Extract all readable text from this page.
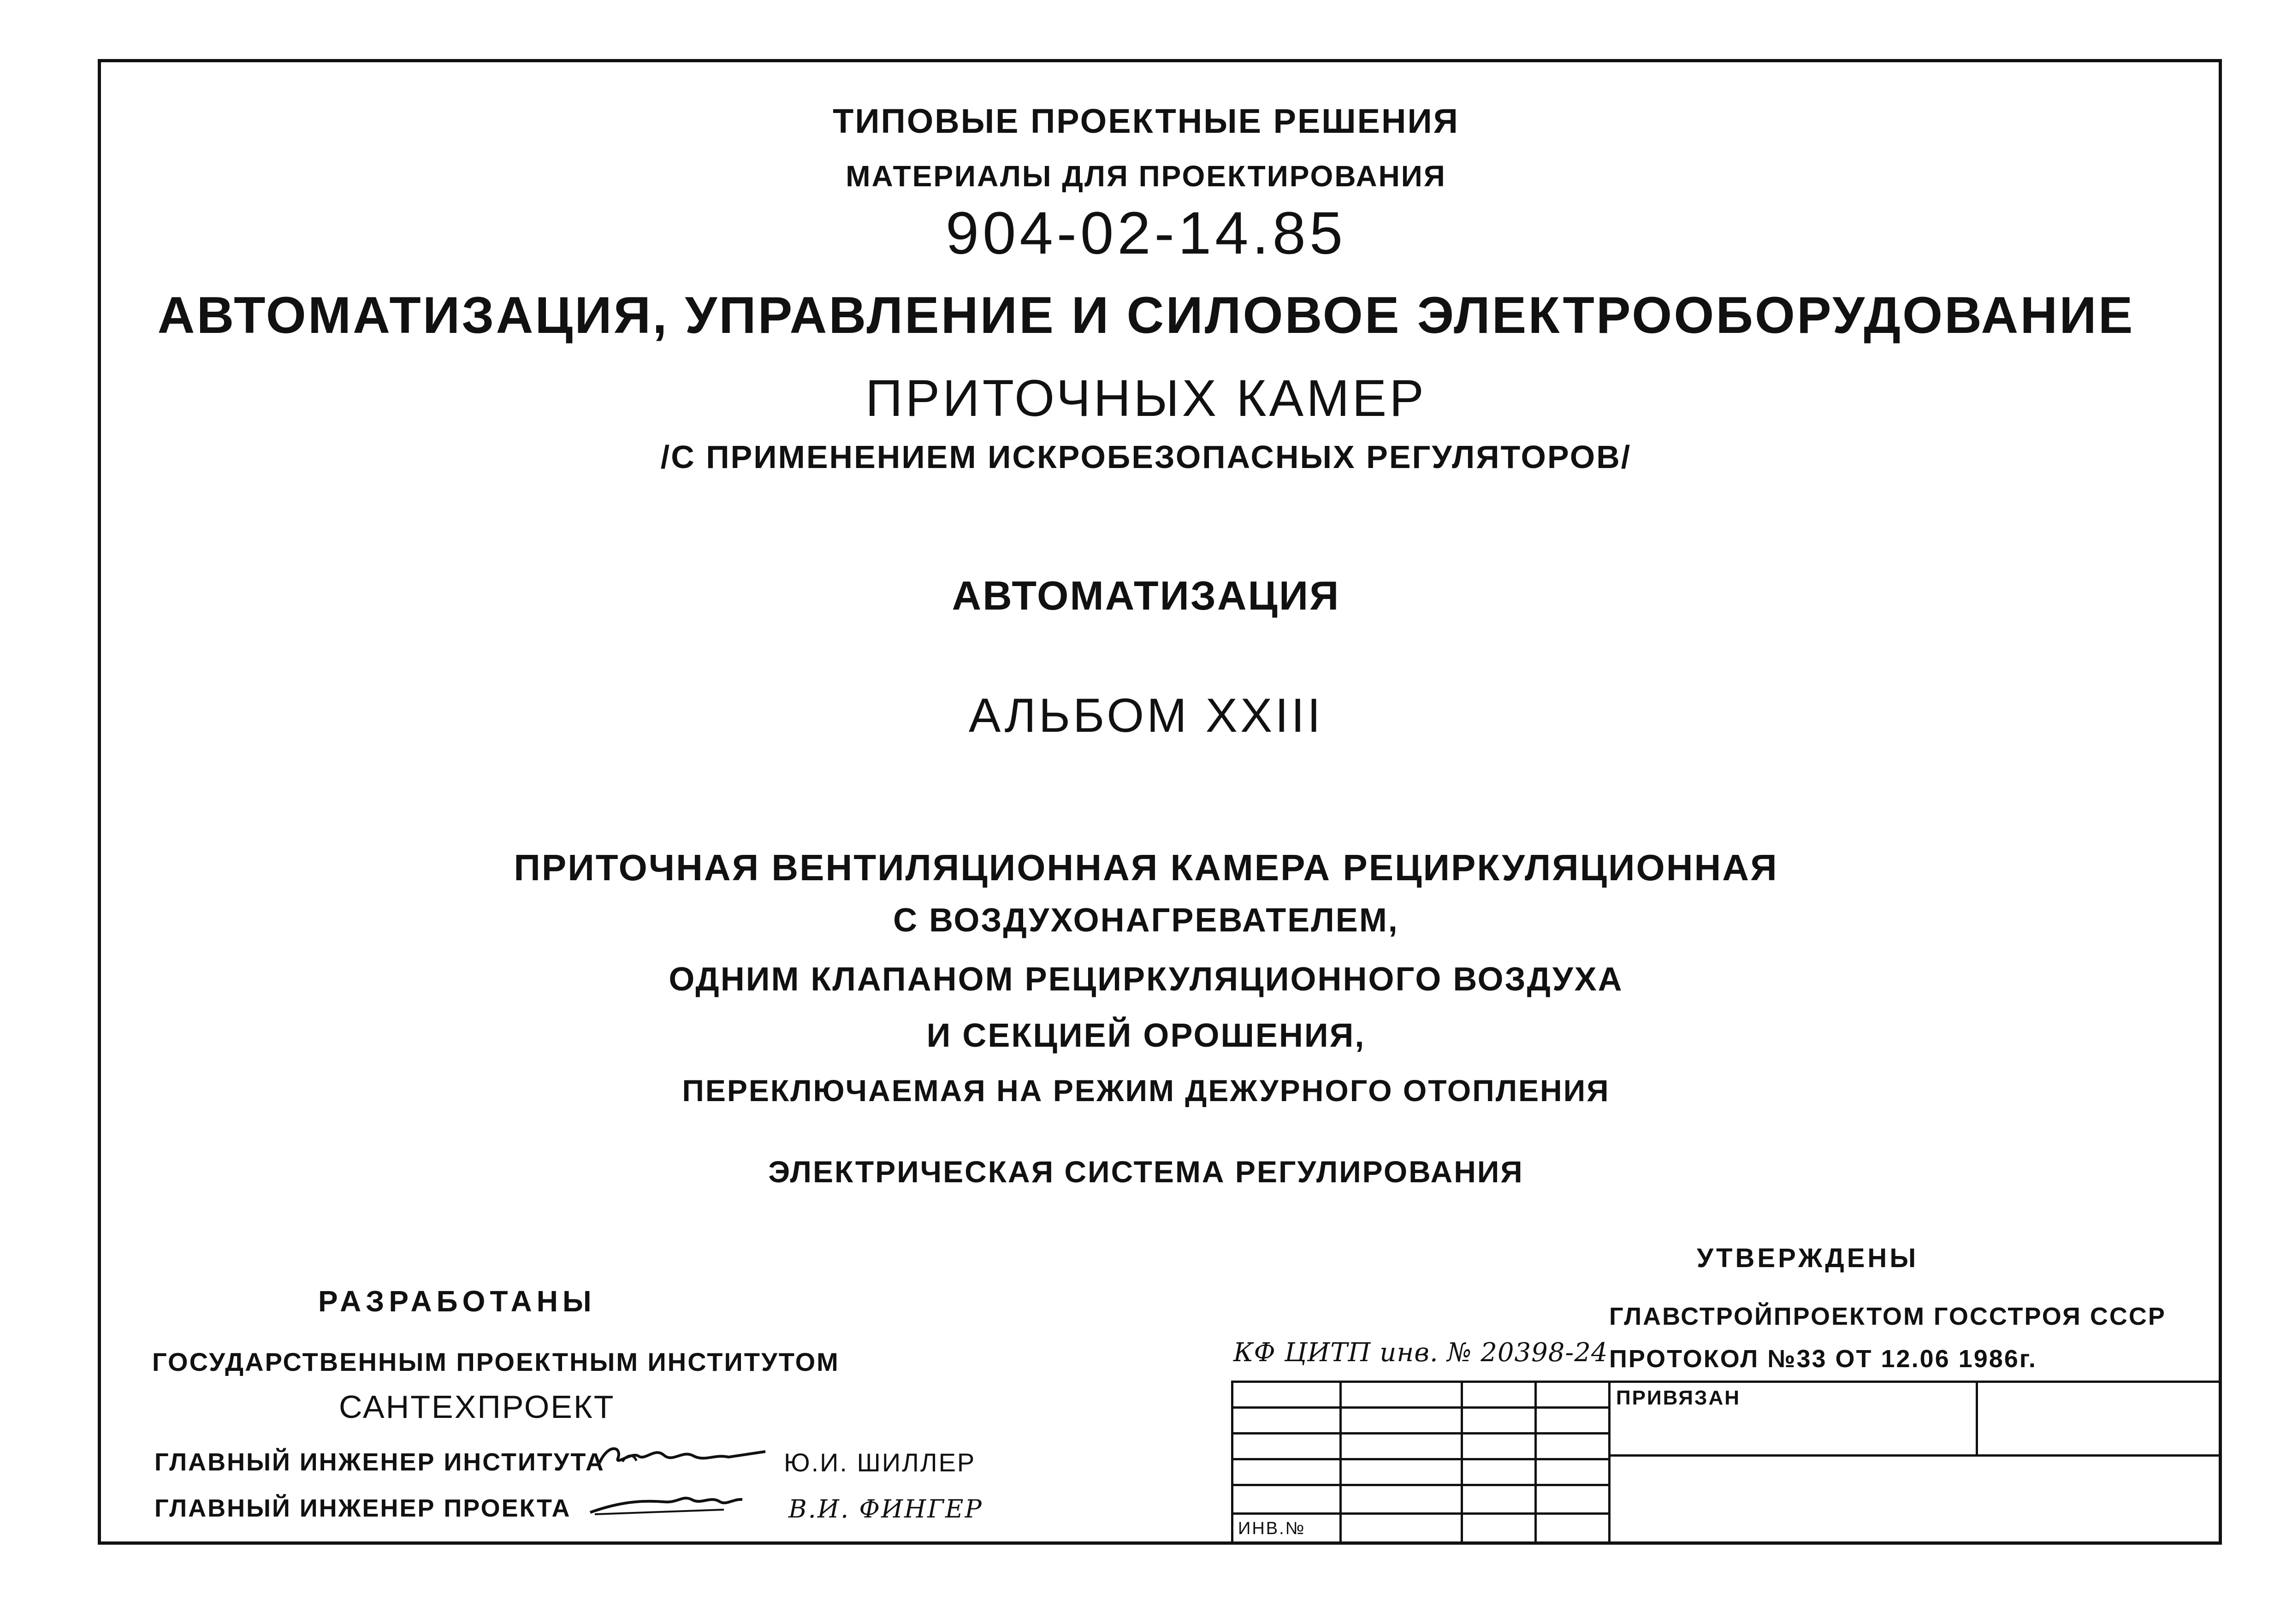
ТИПОВЫЕ ПРОЕКТНЫЕ РЕШЕНИЯ
МАТЕРИАЛЫ ДЛЯ ПРОЕКТИРОВАНИЯ
904-02-14.85
АВТОМАТИЗАЦИЯ, УПРАВЛЕНИЕ И СИЛОВОЕ ЭЛЕКТРООБОРУДОВАНИЕ
ПРИТОЧНЫХ КАМЕР
/С ПРИМЕНЕНИЕМ ИСКРОБЕЗОПАСНЫХ РЕГУЛЯТОРОВ/
АВТОМАТИЗАЦИЯ
АЛЬБОМ XXIII
ПРИТОЧНАЯ ВЕНТИЛЯЦИОННАЯ КАМЕРА РЕЦИРКУЛЯЦИОННАЯ
С ВОЗДУХОНАГРЕВАТЕЛЕМ,
ОДНИМ КЛАПАНОМ РЕЦИРКУЛЯЦИОННОГО ВОЗДУХА
И СЕКЦИЕЙ ОРОШЕНИЯ,
ПЕРЕКЛЮЧАЕМАЯ НА РЕЖИМ ДЕЖУРНОГО ОТОПЛЕНИЯ
ЭЛЕКТРИЧЕСКАЯ СИСТЕМА РЕГУЛИРОВАНИЯ
РАЗРАБОТАНЫ
ГОСУДАРСТВЕННЫМ ПРОЕКТНЫМ ИНСТИТУТОМ
САНТЕХПРОЕКТ
ГЛАВНЫЙ ИНЖЕНЕР ИНСТИТУТА	Ю.И. ШИЛЛЕР
ГЛАВНЫЙ ИНЖЕНЕР ПРОЕКТА	В.И. ФИНГЕР
УТВЕРЖДЕНЫ
ГЛАВСТРОЙПРОЕКТОМ ГОССТРОЯ СССР
ПРОТОКОЛ №33 ОТ 12.06 1986г.
КФ ЦИТП инв. № 20398-24
ПРИВЯЗАН
ИНВ.№
